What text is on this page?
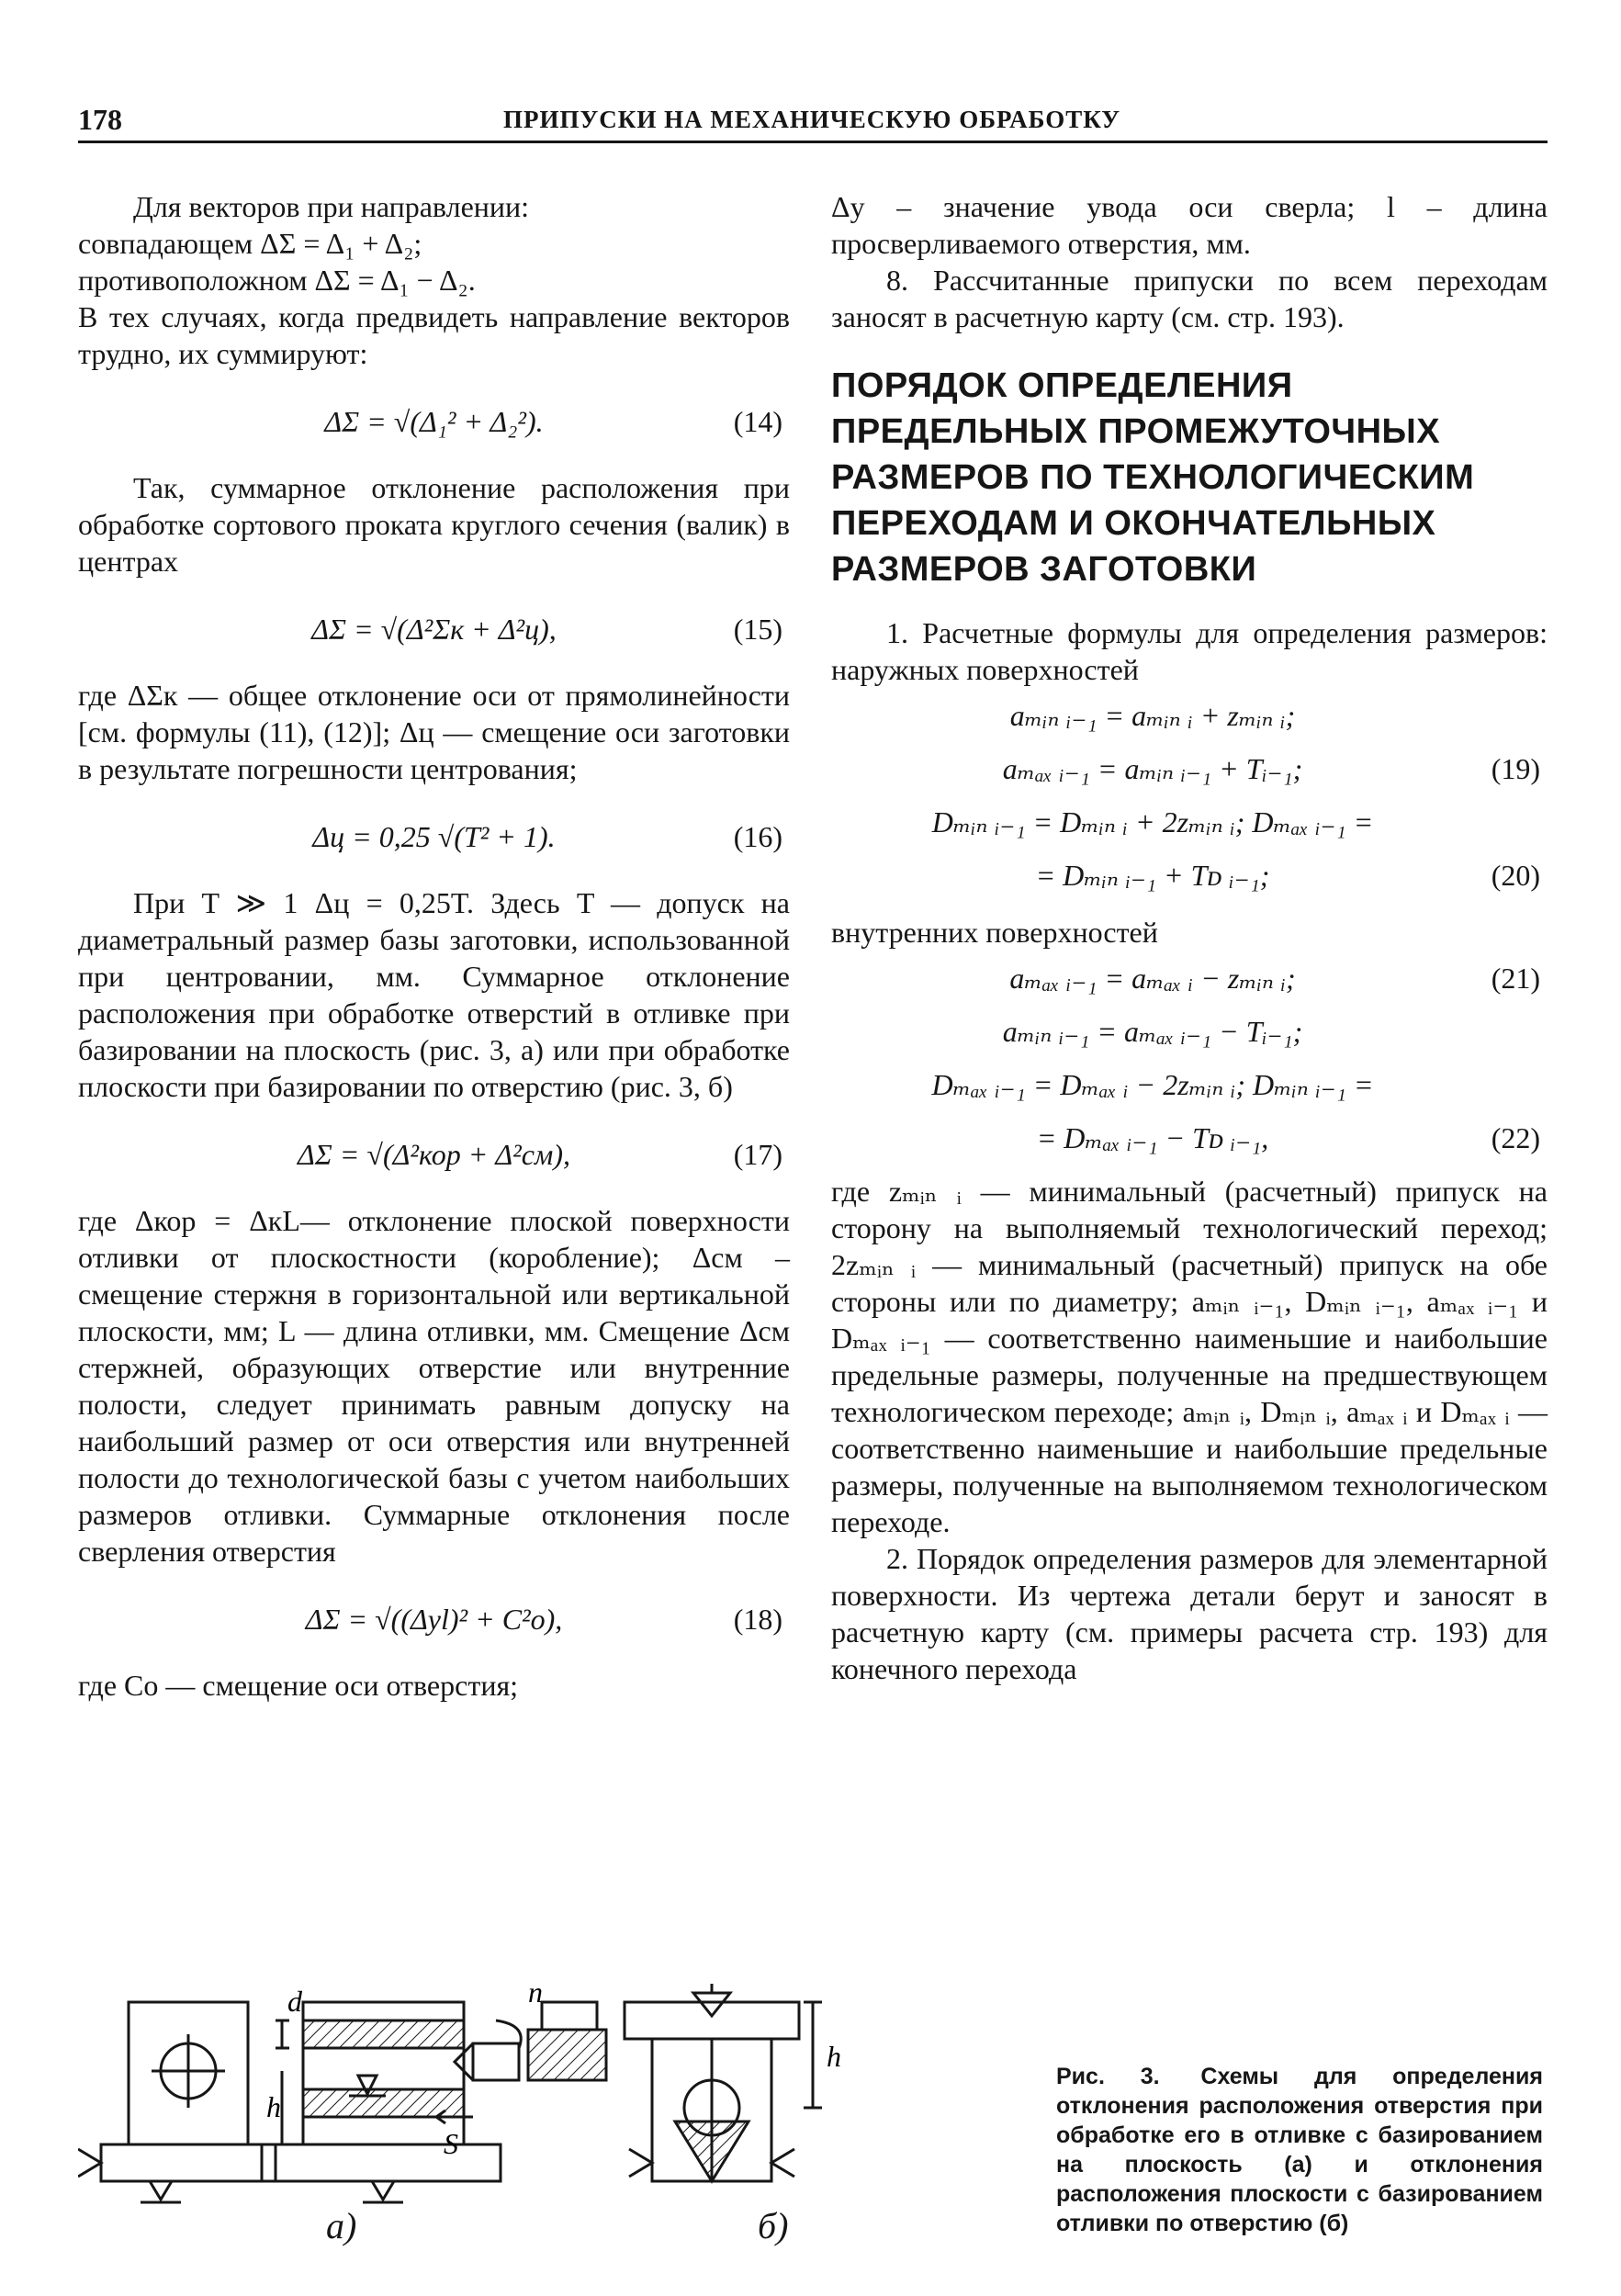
178	ПРИПУСКИ НА МЕХАНИЧЕСКУЮ ОБРАБОТКУ

Для векторов при направлении:

совпадающем ΔΣ = Δ₁ + Δ₂;

противоположном ΔΣ = Δ₁ − Δ₂.

В тех случаях, когда предвидеть направление векторов трудно, их суммируют:

ΔΣ = √(Δ₁² + Δ₂²).	(14)

Так, суммарное отклонение расположения при обработке сортового проката круглого сечения (валик) в центрах

ΔΣ = √(Δ²Σк + Δ²ц),	(15)

где ΔΣк — общее отклонение оси от прямолинейности [см. формулы (11), (12)]; Δц — смещение оси заготовки в результате погрешности центрования;

Δц = 0,25 √(T² + 1).	(16)

При T ≫ 1 Δц = 0,25T. Здесь T — допуск на диаметральный размер базы заготовки, использованной при центровании, мм. Суммарное отклонение расположения при обработке отверстий в отливке при базировании на плоскость (рис. 3, а) или при обработке плоскости при базировании по отверстию (рис. 3, б)

ΔΣ = √(Δ²кор + Δ²см),	(17)

где Δкор = ΔкL— отклонение плоской поверхности отливки от плоскостности (коробление); Δсм – смещение стержня в горизонтальной или вертикальной плоскости, мм; L — длина отливки, мм. Смещение Δсм стержней, образующих отверстие или внутренние полости, следует принимать равным допуску на наибольший размер от оси отверстия или внутренней полости до технологической базы с учетом наибольших размеров отливки. Суммарные отклонения после сверления отверстия

ΔΣ = √((Δуl)² + C²о),	(18)

где Cо — смещение оси отверстия;

Δу – значение увода оси сверла; l – длина просверливаемого отверстия, мм.

8. Рассчитанные припуски по всем переходам заносят в расчетную карту (см. стр. 193).

ПОРЯДОК ОПРЕДЕЛЕНИЯ ПРЕДЕЛЬНЫХ ПРОМЕЖУТОЧНЫХ РАЗМЕРОВ ПО ТЕХНОЛОГИЧЕСКИМ ПЕРЕХОДАМ И ОКОНЧАТЕЛЬНЫХ РАЗМЕРОВ ЗАГОТОВКИ

1. Расчетные формулы для определения размеров: наружных поверхностей

aₘᵢₙ ᵢ₋₁ = aₘᵢₙ ᵢ + zₘᵢₙ ᵢ;
aₘₐₓ ᵢ₋₁ = aₘᵢₙ ᵢ₋₁ + Tᵢ₋₁;	(19)
Dₘᵢₙ ᵢ₋₁ = Dₘᵢₙ ᵢ + 2zₘᵢₙ ᵢ; Dₘₐₓ ᵢ₋₁ =
= Dₘᵢₙ ᵢ₋₁ + Tᴅ ᵢ₋₁;	(20)

внутренних поверхностей

aₘₐₓ ᵢ₋₁ = aₘₐₓ ᵢ − zₘᵢₙ ᵢ;	(21)
aₘᵢₙ ᵢ₋₁ = aₘₐₓ ᵢ₋₁ − Tᵢ₋₁;
Dₘₐₓ ᵢ₋₁ = Dₘₐₓ ᵢ − 2zₘᵢₙ ᵢ; Dₘᵢₙ ᵢ₋₁ =
= Dₘₐₓ ᵢ₋₁ − Tᴅ ᵢ₋₁,	(22)

где zₘᵢₙ ᵢ — минимальный (расчетный) припуск на сторону на выполняемый технологический переход; 2zₘᵢₙ ᵢ — минимальный (расчетный) припуск на обе стороны или по диаметру; aₘᵢₙ ᵢ₋₁, Dₘᵢₙ ᵢ₋₁, aₘₐₓ ᵢ₋₁ и Dₘₐₓ ᵢ₋₁ — соответственно наименьшие и наибольшие предельные размеры, полученные на предшествующем технологическом переходе; aₘᵢₙ ᵢ, Dₘᵢₙ ᵢ, aₘₐₓ ᵢ и Dₘₐₓ ᵢ — соответственно наименьшие и наибольшие предельные размеры, полученные на выполняемом технологическом переходе.

2. Порядок определения размеров для элементарной поверхности. Из чертежа детали берут и заносят в расчетную карту (см. примеры расчета стр. 193) для конечного перехода

d
h
n
S
h
а)	б)
Рис. 3. Схемы для определения отклонения расположения отверстия при обработке его в отливке с базированием на плоскость (а) и отклонения расположения плоскости с базированием отливки по отверстию (б)
